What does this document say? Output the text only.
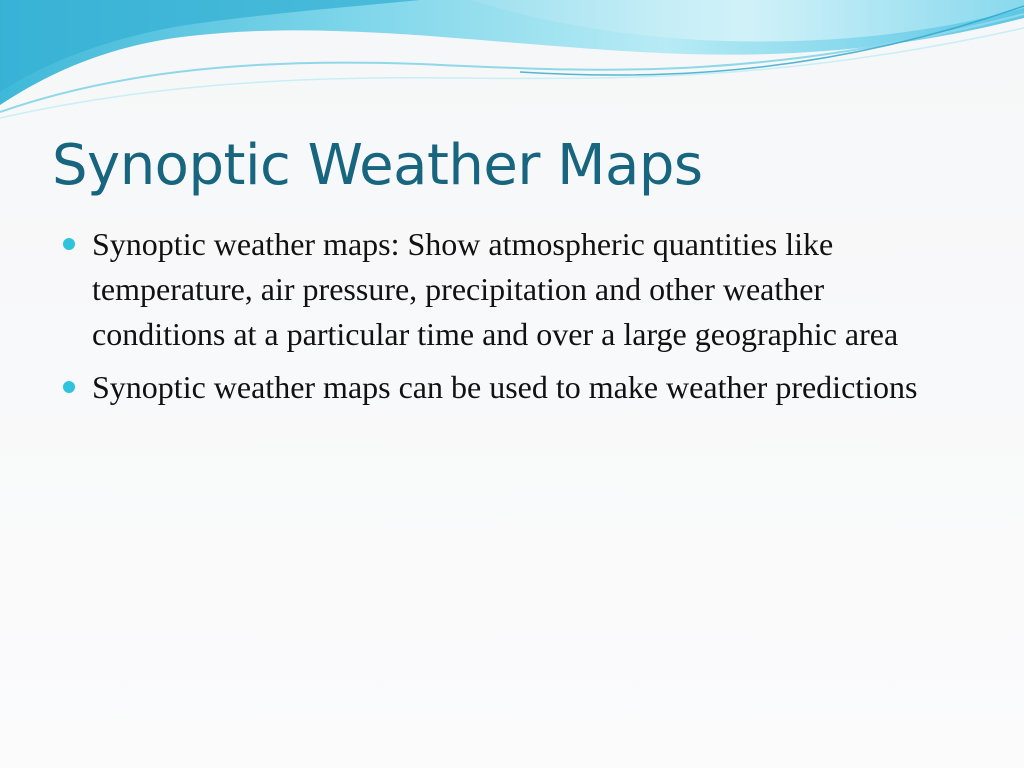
Synoptic Weather Maps
Synoptic weather maps: Show atmospheric quantities like temperature, air pressure, precipitation and other weather conditions at a particular time and over a large geographic area
Synoptic weather maps can be used to make weather predictions
